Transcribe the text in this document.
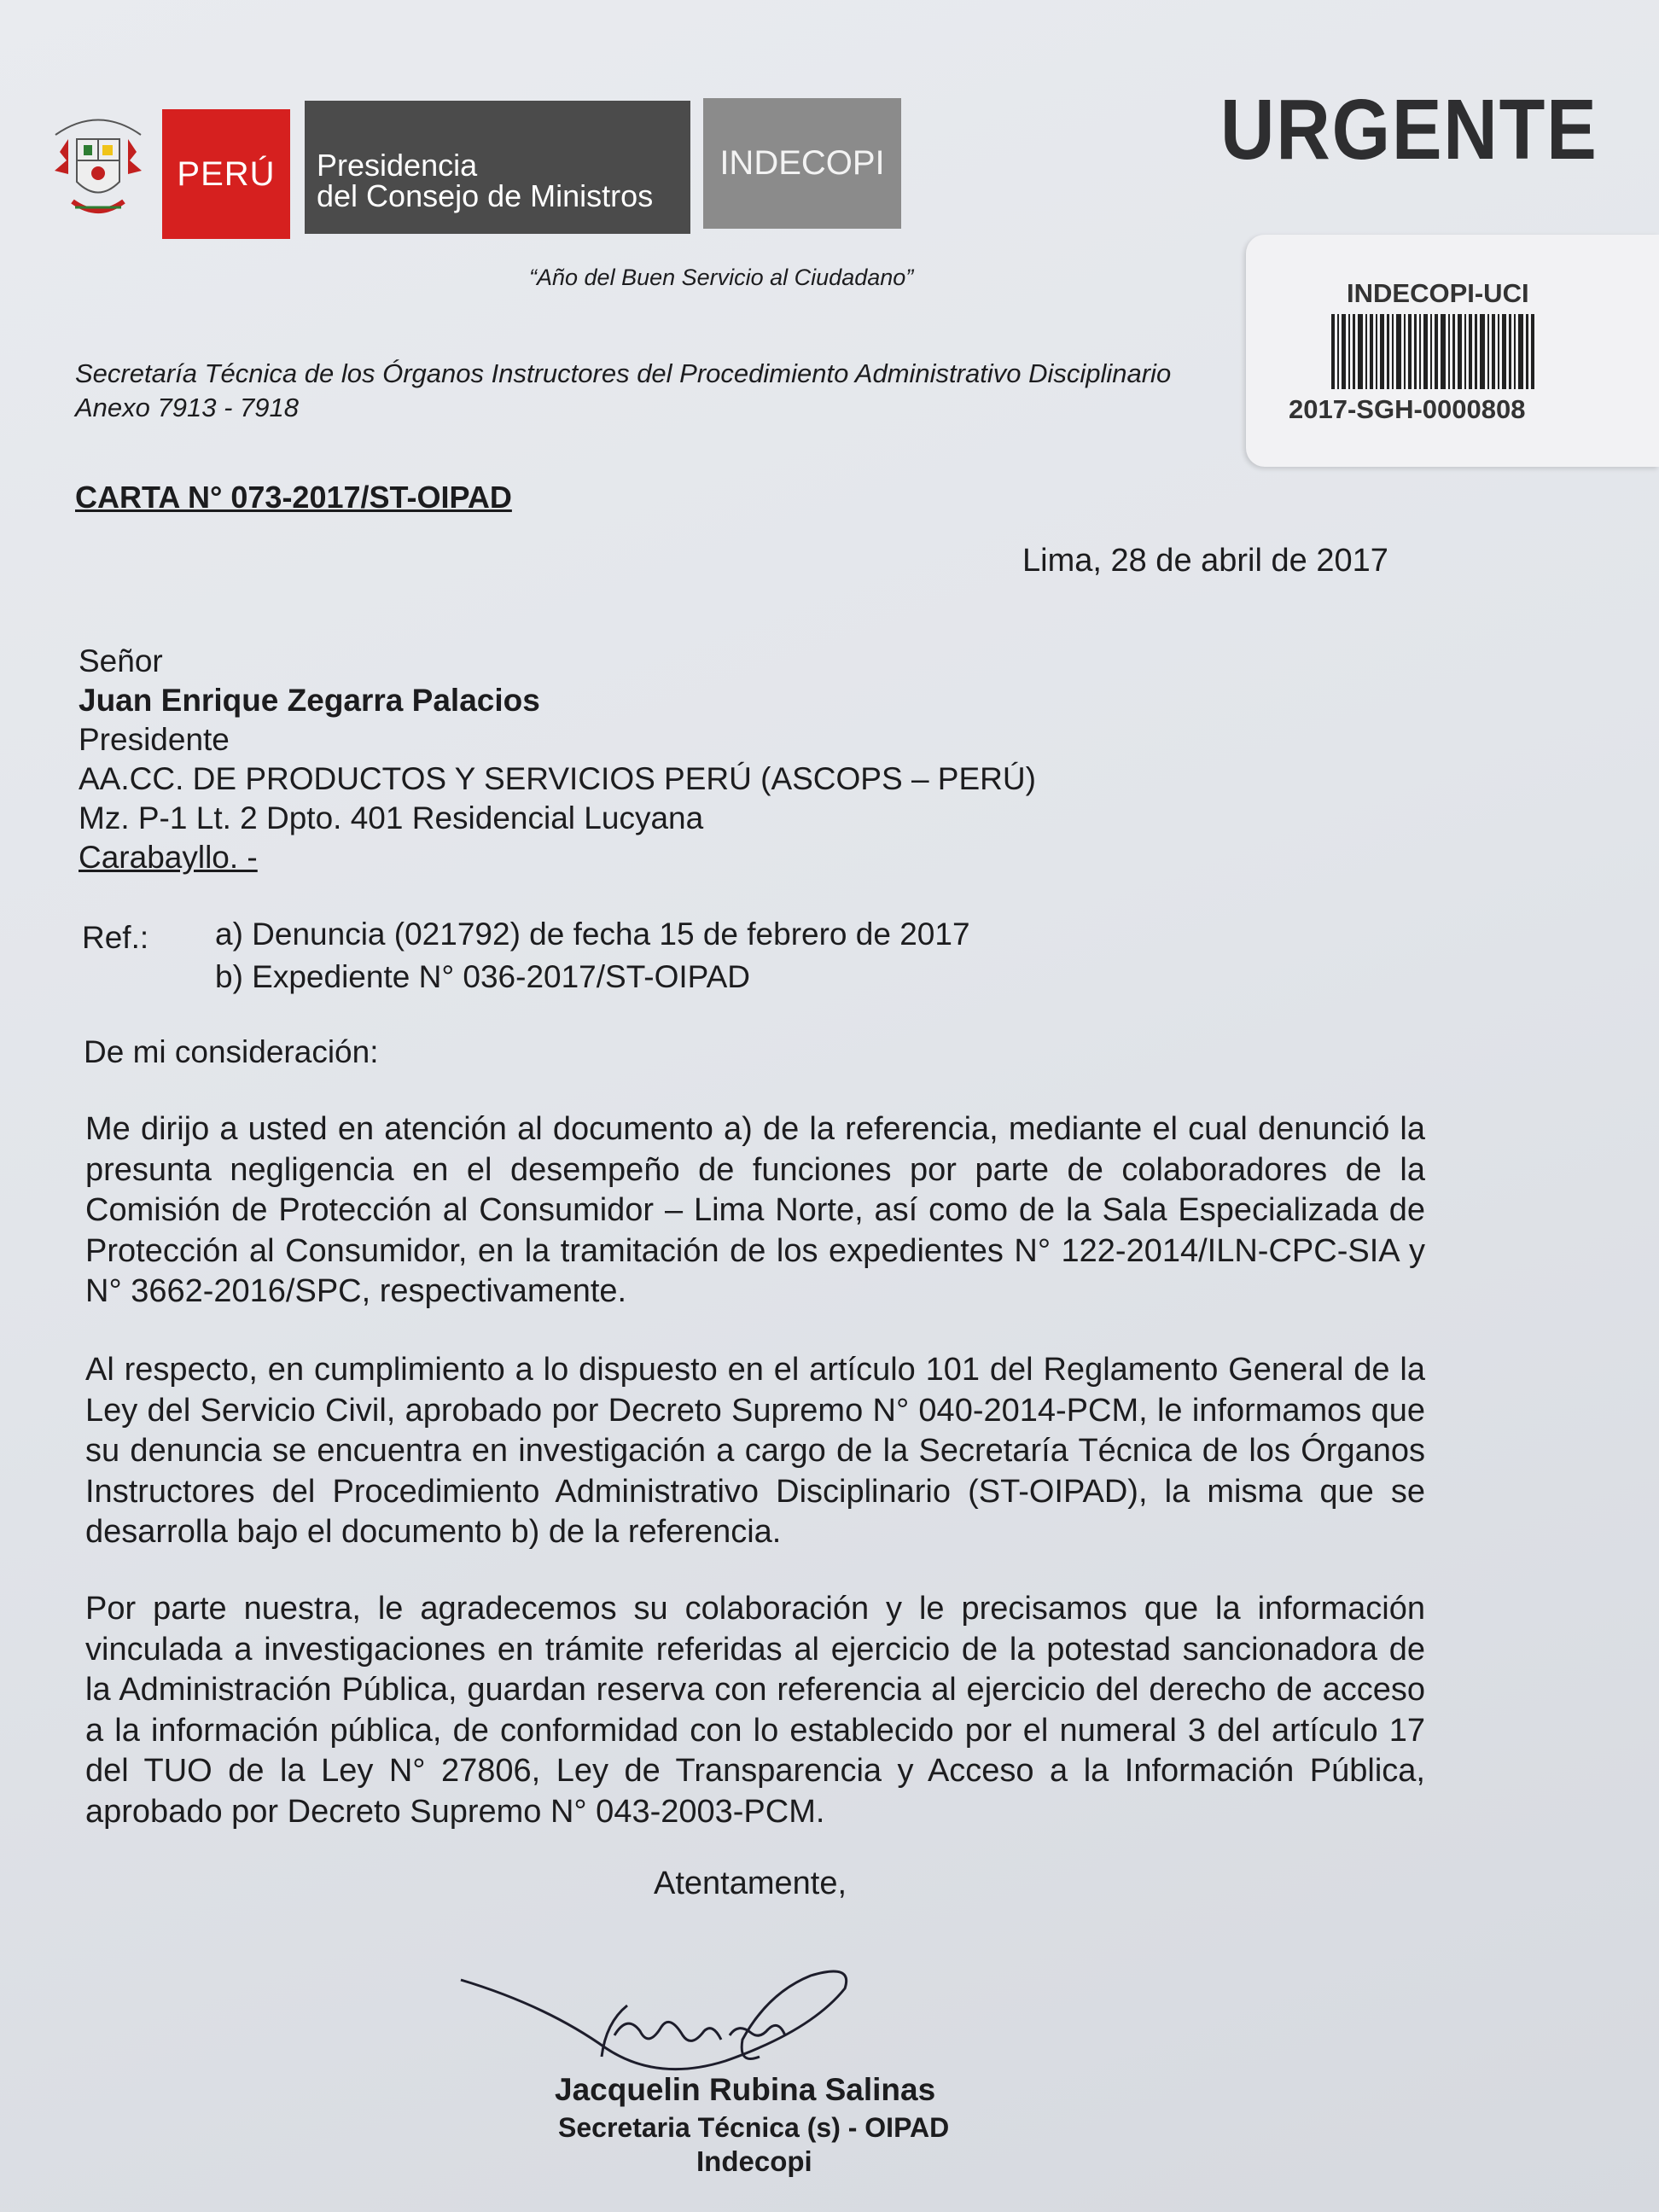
PERÚ Presidencia
del Consejo de Ministros
INDECOPI	URGENTE
“Año del Buen Servicio al Ciudadano”
INDECOPI-UCI
2017-SGH-0000808
Secretaría Técnica de los Órganos Instructores del Procedimiento Administrativo Disciplinario
Anexo 7913 - 7918
CARTA N° 073-2017/ST-OIPAD
Lima, 28 de abril de 2017
Señor
Juan Enrique Zegarra Palacios
Presidente
AA.CC. DE PRODUCTOS Y SERVICIOS PERÚ (ASCOPS – PERÚ)
Mz. P-1 Lt. 2 Dpto. 401 Residencial Lucyana
Carabayllo. -
Ref.: a) Denuncia (021792) de fecha 15 de febrero de 2017
b) Expediente N° 036-2017/ST-OIPAD
De mi consideración:
Me dirijo a usted en atención al documento a) de la referencia, mediante el cual denunció la presunta negligencia en el desempeño de funciones por parte de colaboradores de la Comisión de Protección al Consumidor – Lima Norte, así como de la Sala Especializada de Protección al Consumidor, en la tramitación de los expedientes N° 122-2014/ILN-CPC-SIA y N° 3662-2016/SPC, respectivamente.
Al respecto, en cumplimiento a lo dispuesto en el artículo 101 del Reglamento General de la Ley del Servicio Civil, aprobado por Decreto Supremo N° 040-2014-PCM, le informamos que su denuncia se encuentra en investigación a cargo de la Secretaría Técnica de los Órganos Instructores del Procedimiento Administrativo Disciplinario (ST-OIPAD), la misma que se desarrolla bajo el documento b) de la referencia.
Por parte nuestra, le agradecemos su colaboración y le precisamos que la información vinculada a investigaciones en trámite referidas al ejercicio de la potestad sancionadora de la Administración Pública, guardan reserva con referencia al ejercicio del derecho de acceso a la información pública, de conformidad con lo establecido por el numeral 3 del artículo 17 del TUO de la Ley N° 27806, Ley de Transparencia y Acceso a la Información Pública, aprobado por Decreto Supremo N° 043-2003-PCM.
Atentamente,
Jacquelin Rubina Salinas
Secretaria Técnica (s) - OIPAD
Indecopi
